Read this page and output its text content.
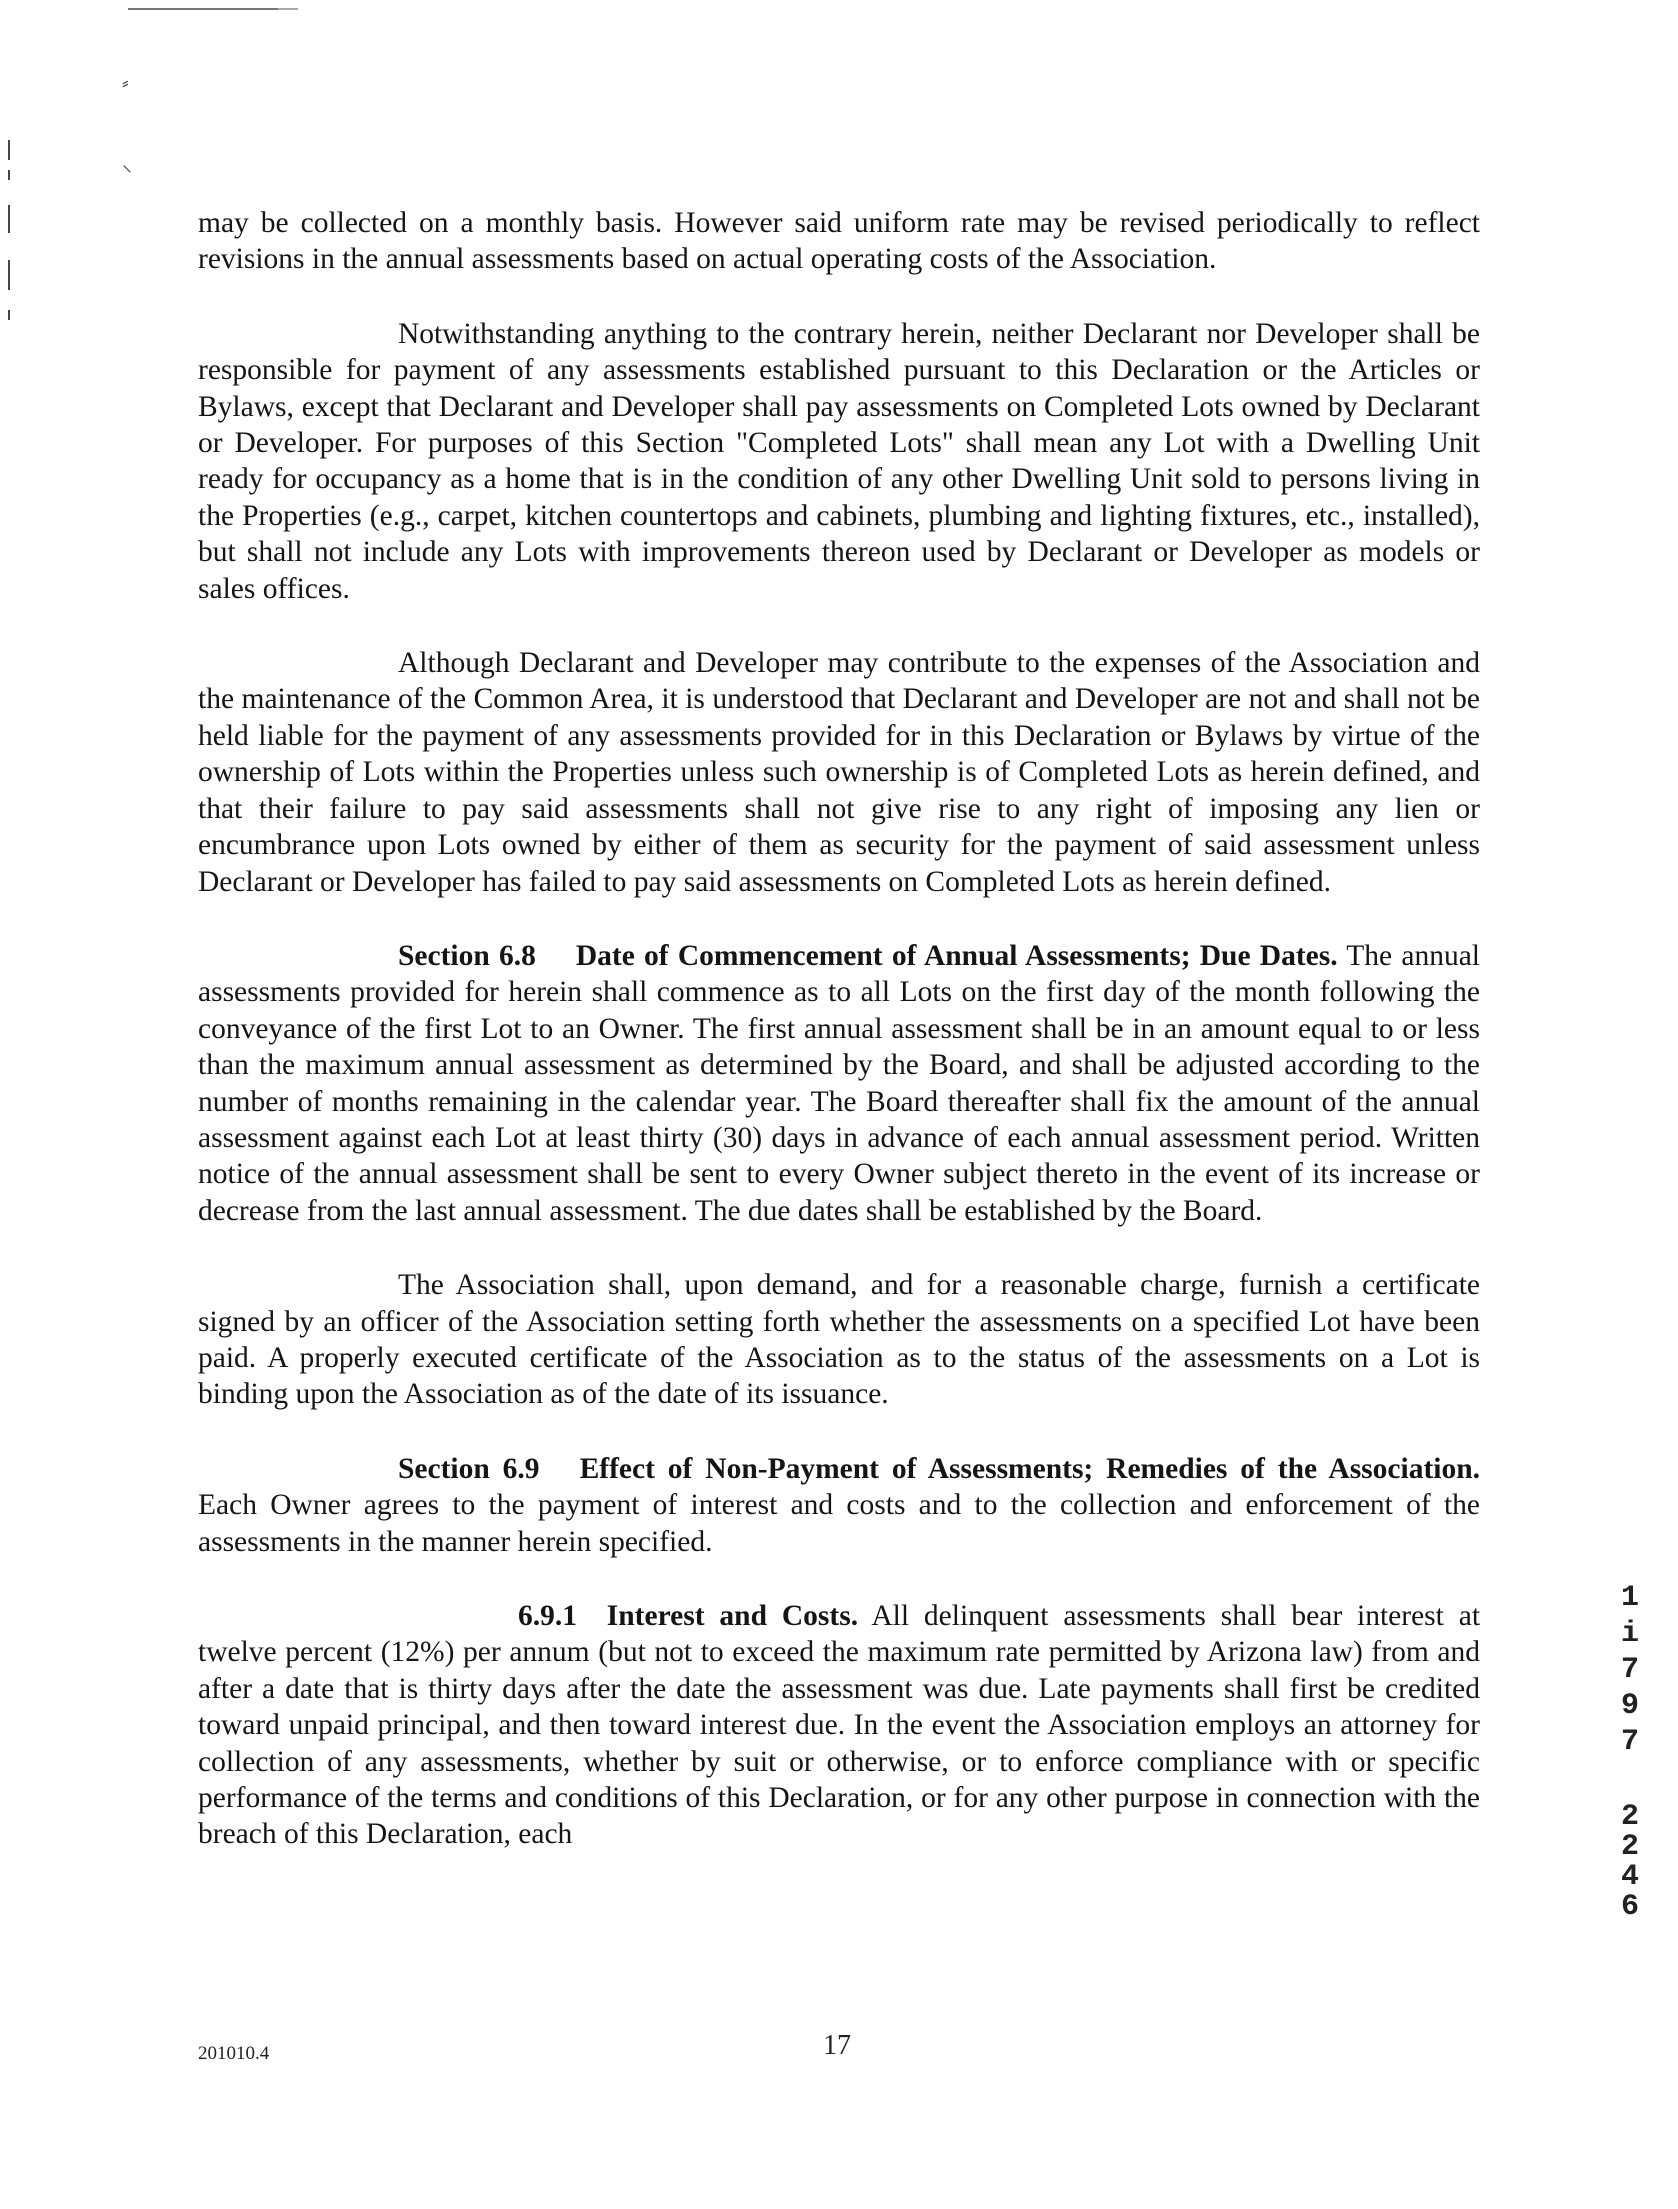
⸗
⸜

may be collected on a monthly basis. However said uniform rate may be revised periodically to reflect revisions in the annual assessments based on actual operating costs of the Association.

Notwithstanding anything to the contrary herein, neither Declarant nor Developer shall be responsible for payment of any assessments established pursuant to this Declaration or the Articles or Bylaws, except that Declarant and Developer shall pay assessments on Completed Lots owned by Declarant or Developer. For purposes of this Section "Completed Lots" shall mean any Lot with a Dwelling Unit ready for occupancy as a home that is in the condition of any other Dwelling Unit sold to persons living in the Properties (e.g., carpet, kitchen countertops and cabinets, plumbing and lighting fixtures, etc., installed), but shall not include any Lots with improvements thereon used by Declarant or Developer as models or sales offices.

Although Declarant and Developer may contribute to the expenses of the Association and the maintenance of the Common Area, it is understood that Declarant and Developer are not and shall not be held liable for the payment of any assessments provided for in this Declaration or Bylaws by virtue of the ownership of Lots within the Properties unless such ownership is of Completed Lots as herein defined, and that their failure to pay said assessments shall not give rise to any right of imposing any lien or encumbrance upon Lots owned by either of them as security for the payment of said assessment unless Declarant or Developer has failed to pay said assessments on Completed Lots as herein defined.

Section 6.8 Date of Commencement of Annual Assessments; Due Dates. The annual assessments provided for herein shall commence as to all Lots on the first day of the month following the conveyance of the first Lot to an Owner. The first annual assessment shall be in an amount equal to or less than the maximum annual assessment as determined by the Board, and shall be adjusted according to the number of months remaining in the calendar year. The Board thereafter shall fix the amount of the annual assessment against each Lot at least thirty (30) days in advance of each annual assessment period. Written notice of the annual assessment shall be sent to every Owner subject thereto in the event of its increase or decrease from the last annual assessment. The due dates shall be established by the Board.

The Association shall, upon demand, and for a reasonable charge, furnish a certificate signed by an officer of the Association setting forth whether the assessments on a specified Lot have been paid. A properly executed certificate of the Association as to the status of the assessments on a Lot is binding upon the Association as of the date of its issuance.

Section 6.9 Effect of Non-Payment of Assessments; Remedies of the Association. Each Owner agrees to the payment of interest and costs and to the collection and enforcement of the assessments in the manner herein specified.

6.9.1 Interest and Costs. All delinquent assessments shall bear interest at twelve percent (12%) per annum (but not to exceed the maximum rate permitted by Arizona law) from and after a date that is thirty days after the date the assessment was due. Late payments shall first be credited toward unpaid principal, and then toward interest due. In the event the Association employs an attorney for collection of any assessments, whether by suit or otherwise, or to enforce compliance with or specific performance of the terms and conditions of this Declaration, or for any other purpose in connection with the breach of this Declaration, each

1
i
7
9
7
2
2
4
6
201010.4	17
